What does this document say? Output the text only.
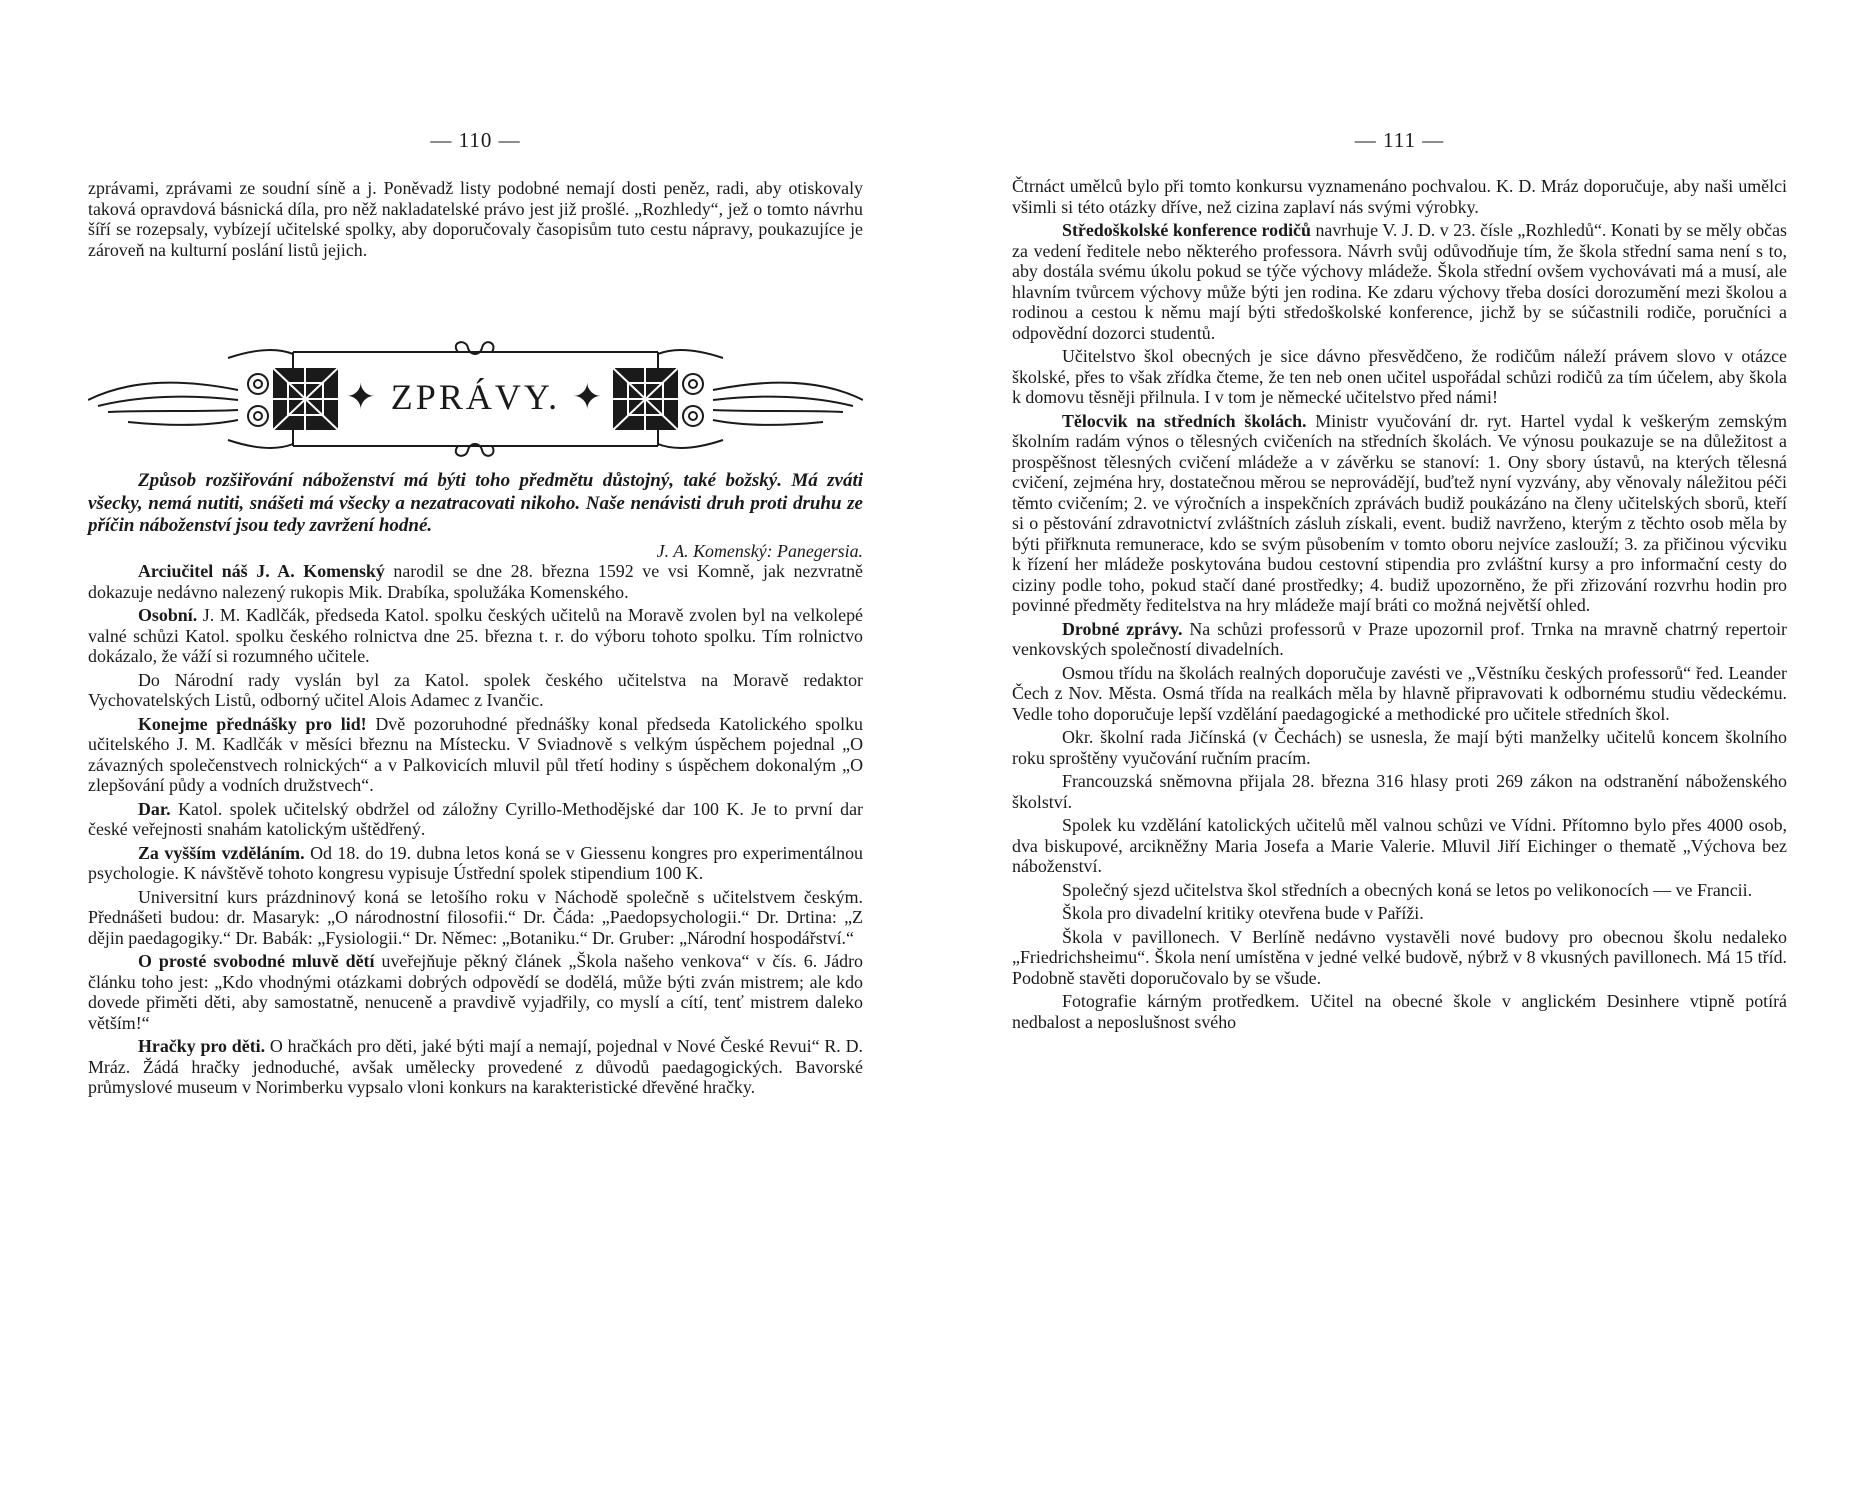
— 110 —

zprávami, zprávami ze soudní síně a j. Poněvadž listy podobné nemají dosti peněz, radi, aby otiskovaly taková opravdová básnická díla, pro něž nakladatelské právo jest již prošlé. „Rozhledy“, jež o tomto návrhu šíří se rozepsaly, vybízejí učitelské spolky, aby doporučovaly časopisům tuto cestu nápravy, poukazujíce je zároveň na kulturní poslání listů jejich.

✦ ZPRÁVY. ✦

Způsob rozšiřování náboženství má býti toho předmětu důstojný, také božský. Má zváti všecky, nemá nutiti, snášeti má všecky a nezatracovati nikoho. Naše nenávisti druh proti druhu ze příčin náboženství jsou tedy zavržení hodné.

J. A. Komenský: Panegersia.

Arciučitel náš J. A. Komenský narodil se dne 28. března 1592 ve vsi Komně, jak nezvratně dokazuje nedávno nalezený rukopis Mik. Drabíka, spolužáka Komenského.

Osobní. J. M. Kadlčák, předseda Katol. spolku českých učitelů na Moravě zvolen byl na velkolepé valné schůzi Katol. spolku českého rolnictva dne 25. března t. r. do výboru tohoto spolku. Tím rolnictvo dokázalo, že váží si rozumného učitele.

Do Národní rady vyslán byl za Katol. spolek českého učitelstva na Moravě redaktor Vychovatelských Listů, odborný učitel Alois Adamec z Ivančic.

Konejme přednášky pro lid! Dvě pozoruhodné přednášky konal předseda Katolického spolku učitelského J. M. Kadlčák v měsíci březnu na Místecku. V Sviadnově s velkým úspěchem pojednal „O závazných společenstvech rolnických“ a v Palkovicích mluvil půl třetí hodiny s úspěchem dokonalým „O zlepšování půdy a vodních družstvech“.

Dar. Katol. spolek učitelský obdržel od záložny Cyrillo-Methodějské dar 100 K. Je to první dar české veřejnosti snahám katolickým uštědřený.

Za vyšším vzděláním. Od 18. do 19. dubna letos koná se v Giessenu kongres pro experimentálnou psychologie. K návštěvě tohoto kongresu vypisuje Ústřední spolek stipendium 100 K.

Universitní kurs prázdninový koná se letošího roku v Náchodě společně s učitelstvem českým. Přednášeti budou: dr. Masaryk: „O národnostní filosofii.“ Dr. Čáda: „Paedopsychologii.“ Dr. Drtina: „Z dějin paedagogiky.“ Dr. Babák: „Fysiologii.“ Dr. Němec: „Botaniku.“ Dr. Gruber: „Národní hospodářství.“

O prosté svobodné mluvě dětí uveřejňuje pěkný článek „Škola našeho venkova“ v čís. 6. Jádro článku toho jest: „Kdo vhodnými otázkami dobrých odpovědí se dodělá, může býti zván mistrem; ale kdo dovede přiměti děti, aby samostatně, nenuceně a pravdivě vyjadřily, co myslí a cítí, tenť mistrem daleko větším!“

Hračky pro děti. O hračkách pro děti, jaké býti mají a nemají, pojednal v Nové České Revui“ R. D. Mráz. Žádá hračky jednoduché, avšak umělecky provedené z důvodů paedagogických. Bavorské průmyslové museum v Norimberku vypsalo vloni konkurs na karakteristické dřevěné hračky.

— 111 —

Čtrnáct umělců bylo při tomto konkursu vyznamenáno pochvalou. K. D. Mráz doporučuje, aby naši umělci všimli si této otázky dříve, než cizina zaplaví nás svými výrobky.

Středoškolské konference rodičů navrhuje V. J. D. v 23. čísle „Rozhledů“. Konati by se měly občas za vedení ředitele nebo některého professora. Návrh svůj odůvodňuje tím, že škola střední sama není s to, aby dostála svému úkolu pokud se týče výchovy mládeže. Škola střední ovšem vychovávati má a musí, ale hlavním tvůrcem výchovy může býti jen rodina. Ke zdaru výchovy třeba dosíci dorozumění mezi školou a rodinou a cestou k němu mají býti středoškolské konference, jichž by se súčastnili rodiče, poručníci a odpovědní dozorci studentů.

Učitelstvo škol obecných je sice dávno přesvědčeno, že rodičům náleží právem slovo v otázce školské, přes to však zřídka čteme, že ten neb onen učitel uspořádal schůzi rodičů za tím účelem, aby škola k domovu těsněji přilnula. I v tom je německé učitelstvo před námi!

Tělocvik na středních školách. Ministr vyučování dr. ryt. Hartel vydal k veškerým zemským školním radám výnos o tělesných cvičeních na středních školách. Ve výnosu poukazuje se na důležitost a prospěšnost tělesných cvičení mládeže a v závěrku se stanoví: 1. Ony sbory ústavů, na kterých tělesná cvičení, zejména hry, dostatečnou měrou se neprovádějí, buďtež nyní vyzvány, aby věnovaly náležitou péči těmto cvičením; 2. ve výročních a inspekčních zprávách budiž poukázáno na členy učitelských sborů, kteří si o pěstování zdravotnictví zvláštních zásluh získali, event. budiž navrženo, kterým z těchto osob měla by býti přiřknuta remunerace, kdo se svým působením v tomto oboru nejvíce zaslouží; 3. za přičinou výcviku k řízení her mládeže poskytována budou cestovní stipendia pro zvláštní kursy a pro informační cesty do ciziny podle toho, pokud stačí dané prostředky; 4. budiž upozorněno, že při zřizování rozvrhu hodin pro povinné předměty ředitelstva na hry mládeže mají bráti co možná největší ohled.

Drobné zprávy. Na schůzi professorů v Praze upozornil prof. Trnka na mravně chatrný repertoir venkovských společností divadelních.

Osmou třídu na školách realných doporučuje zavésti ve „Věstníku českých professorů“ řed. Leander Čech z Nov. Města. Osmá třída na realkách měla by hlavně připravovati k odbornému studiu vědeckému. Vedle toho doporučuje lepší vzdělání paedagogické a methodické pro učitele středních škol.

Okr. školní rada Jičínská (v Čechách) se usnesla, že mají býti manželky učitelů koncem školního roku sproštěny vyučování ručním pracím.

Francouzská sněmovna přijala 28. března 316 hlasy proti 269 zákon na odstranění náboženského školství.

Spolek ku vzdělání katolických učitelů měl valnou schůzi ve Vídni. Přítomno bylo přes 4000 osob, dva biskupové, arcikněžny Maria Josefa a Marie Valerie. Mluvil Jiří Eichinger o thematě „Výchova bez náboženství.

Společný sjezd učitelstva škol středních a obecných koná se letos po velikonocích — ve Francii.

Škola pro divadelní kritiky otevřena bude v Paříži.

Škola v pavillonech. V Berlíně nedávno vystavěli nové budovy pro obecnou školu nedaleko „Friedrichsheimu“. Škola není umístěna v jedné velké budově, nýbrž v 8 vkusných pavillonech. Má 15 tříd. Podobně stavěti doporučovalo by se všude.

Fotografie kárným protředkem. Učitel na obecné škole v anglickém Desinhere vtipně potírá nedbalost a neposlušnost svého
